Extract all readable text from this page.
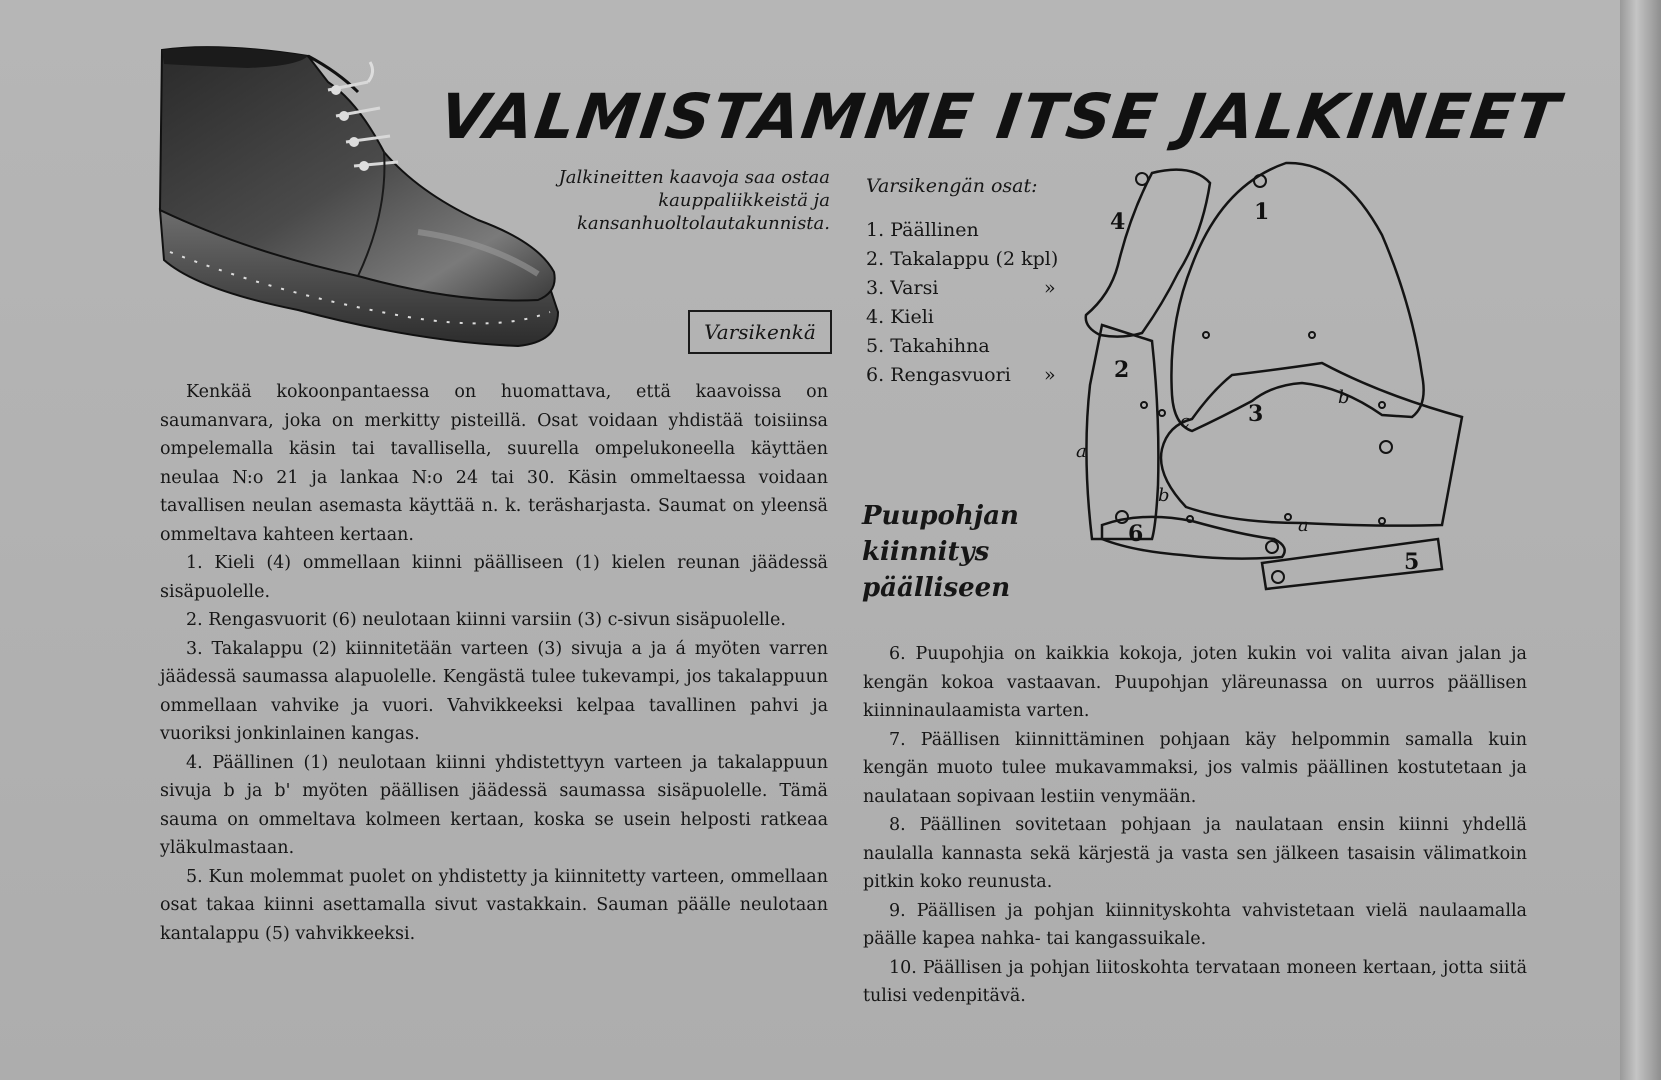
VALMISTAMME ITSE JALKINEET
Jalkineitten kaavoja saa ostaa kauppaliikkeistä ja kansanhuoltolautakunnista.
Varsikenkä

Kenkää kokoonpantaessa on huomattava, että kaavoissa on saumanvara, joka on merkitty pisteillä. Osat voidaan yhdistää toisiinsa ompelemalla käsin tai tavallisella, suurella ompelukoneella käyttäen neulaa N:o 21 ja lankaa N:o 24 tai 30. Käsin ommeltaessa voidaan tavallisen neulan asemasta käyttää n. k. teräsharjasta. Saumat on yleensä ommeltava kahteen kertaan.

1. Kieli (4) ommellaan kiinni päälliseen (1) kielen reunan jäädessä sisäpuolelle.

2. Rengasvuorit (6) neulotaan kiinni varsiin (3) c-sivun sisäpuolelle.

3. Takalappu (2) kiinnitetään varteen (3) sivuja a ja á myöten varren jäädessä saumassa alapuolelle. Kengästä tulee tukevampi, jos takalappuun ommellaan vahvike ja vuori. Vahvikkeeksi kelpaa tavallinen pahvi ja vuoriksi jonkinlainen kangas.

4. Päällinen (1) neulotaan kiinni yhdistettyyn varteen ja takalappuun sivuja b ja b' myöten päällisen jäädessä saumassa sisäpuolelle. Tämä sauma on ommeltava kolmeen kertaan, koska se usein helposti ratkeaa yläkulmastaan.

5. Kun molemmat puolet on yhdistetty ja kiinnitetty varteen, ommellaan osat takaa kiinni asettamalla sivut vastakkain. Sauman päälle neulotaan kantalappu (5) vahvikkeeksi.

Varsikengän osat:
1. Päällinen
2. Takalappu (2 kpl)
3. Varsi	»
4. Kieli
5. Takahihna
6. Rengasvuori »
Puupohjan kiinnitys päälliseen
4	1
2
3
6
5
a
c
b
b
a

6. Puupohjia on kaikkia kokoja, joten kukin voi valita aivan jalan ja kengän kokoa vastaavan. Puupohjan yläreunassa on uurros päällisen kiinninaulaamista varten.

7. Päällisen kiinnittäminen pohjaan käy helpommin samalla kuin kengän muoto tulee mukavammaksi, jos valmis päällinen kostutetaan ja naulataan sopivaan lestiin venymään.

8. Päällinen sovitetaan pohjaan ja naulataan ensin kiinni yhdellä naulalla kannasta sekä kärjestä ja vasta sen jälkeen tasaisin välimatkoin pitkin koko reunusta.

9. Päällisen ja pohjan kiinnityskohta vahvistetaan vielä naulaamalla päälle kapea nahka- tai kangassuikale.

10. Päällisen ja pohjan liitoskohta tervataan moneen kertaan, jotta siitä tulisi vedenpitävä.
